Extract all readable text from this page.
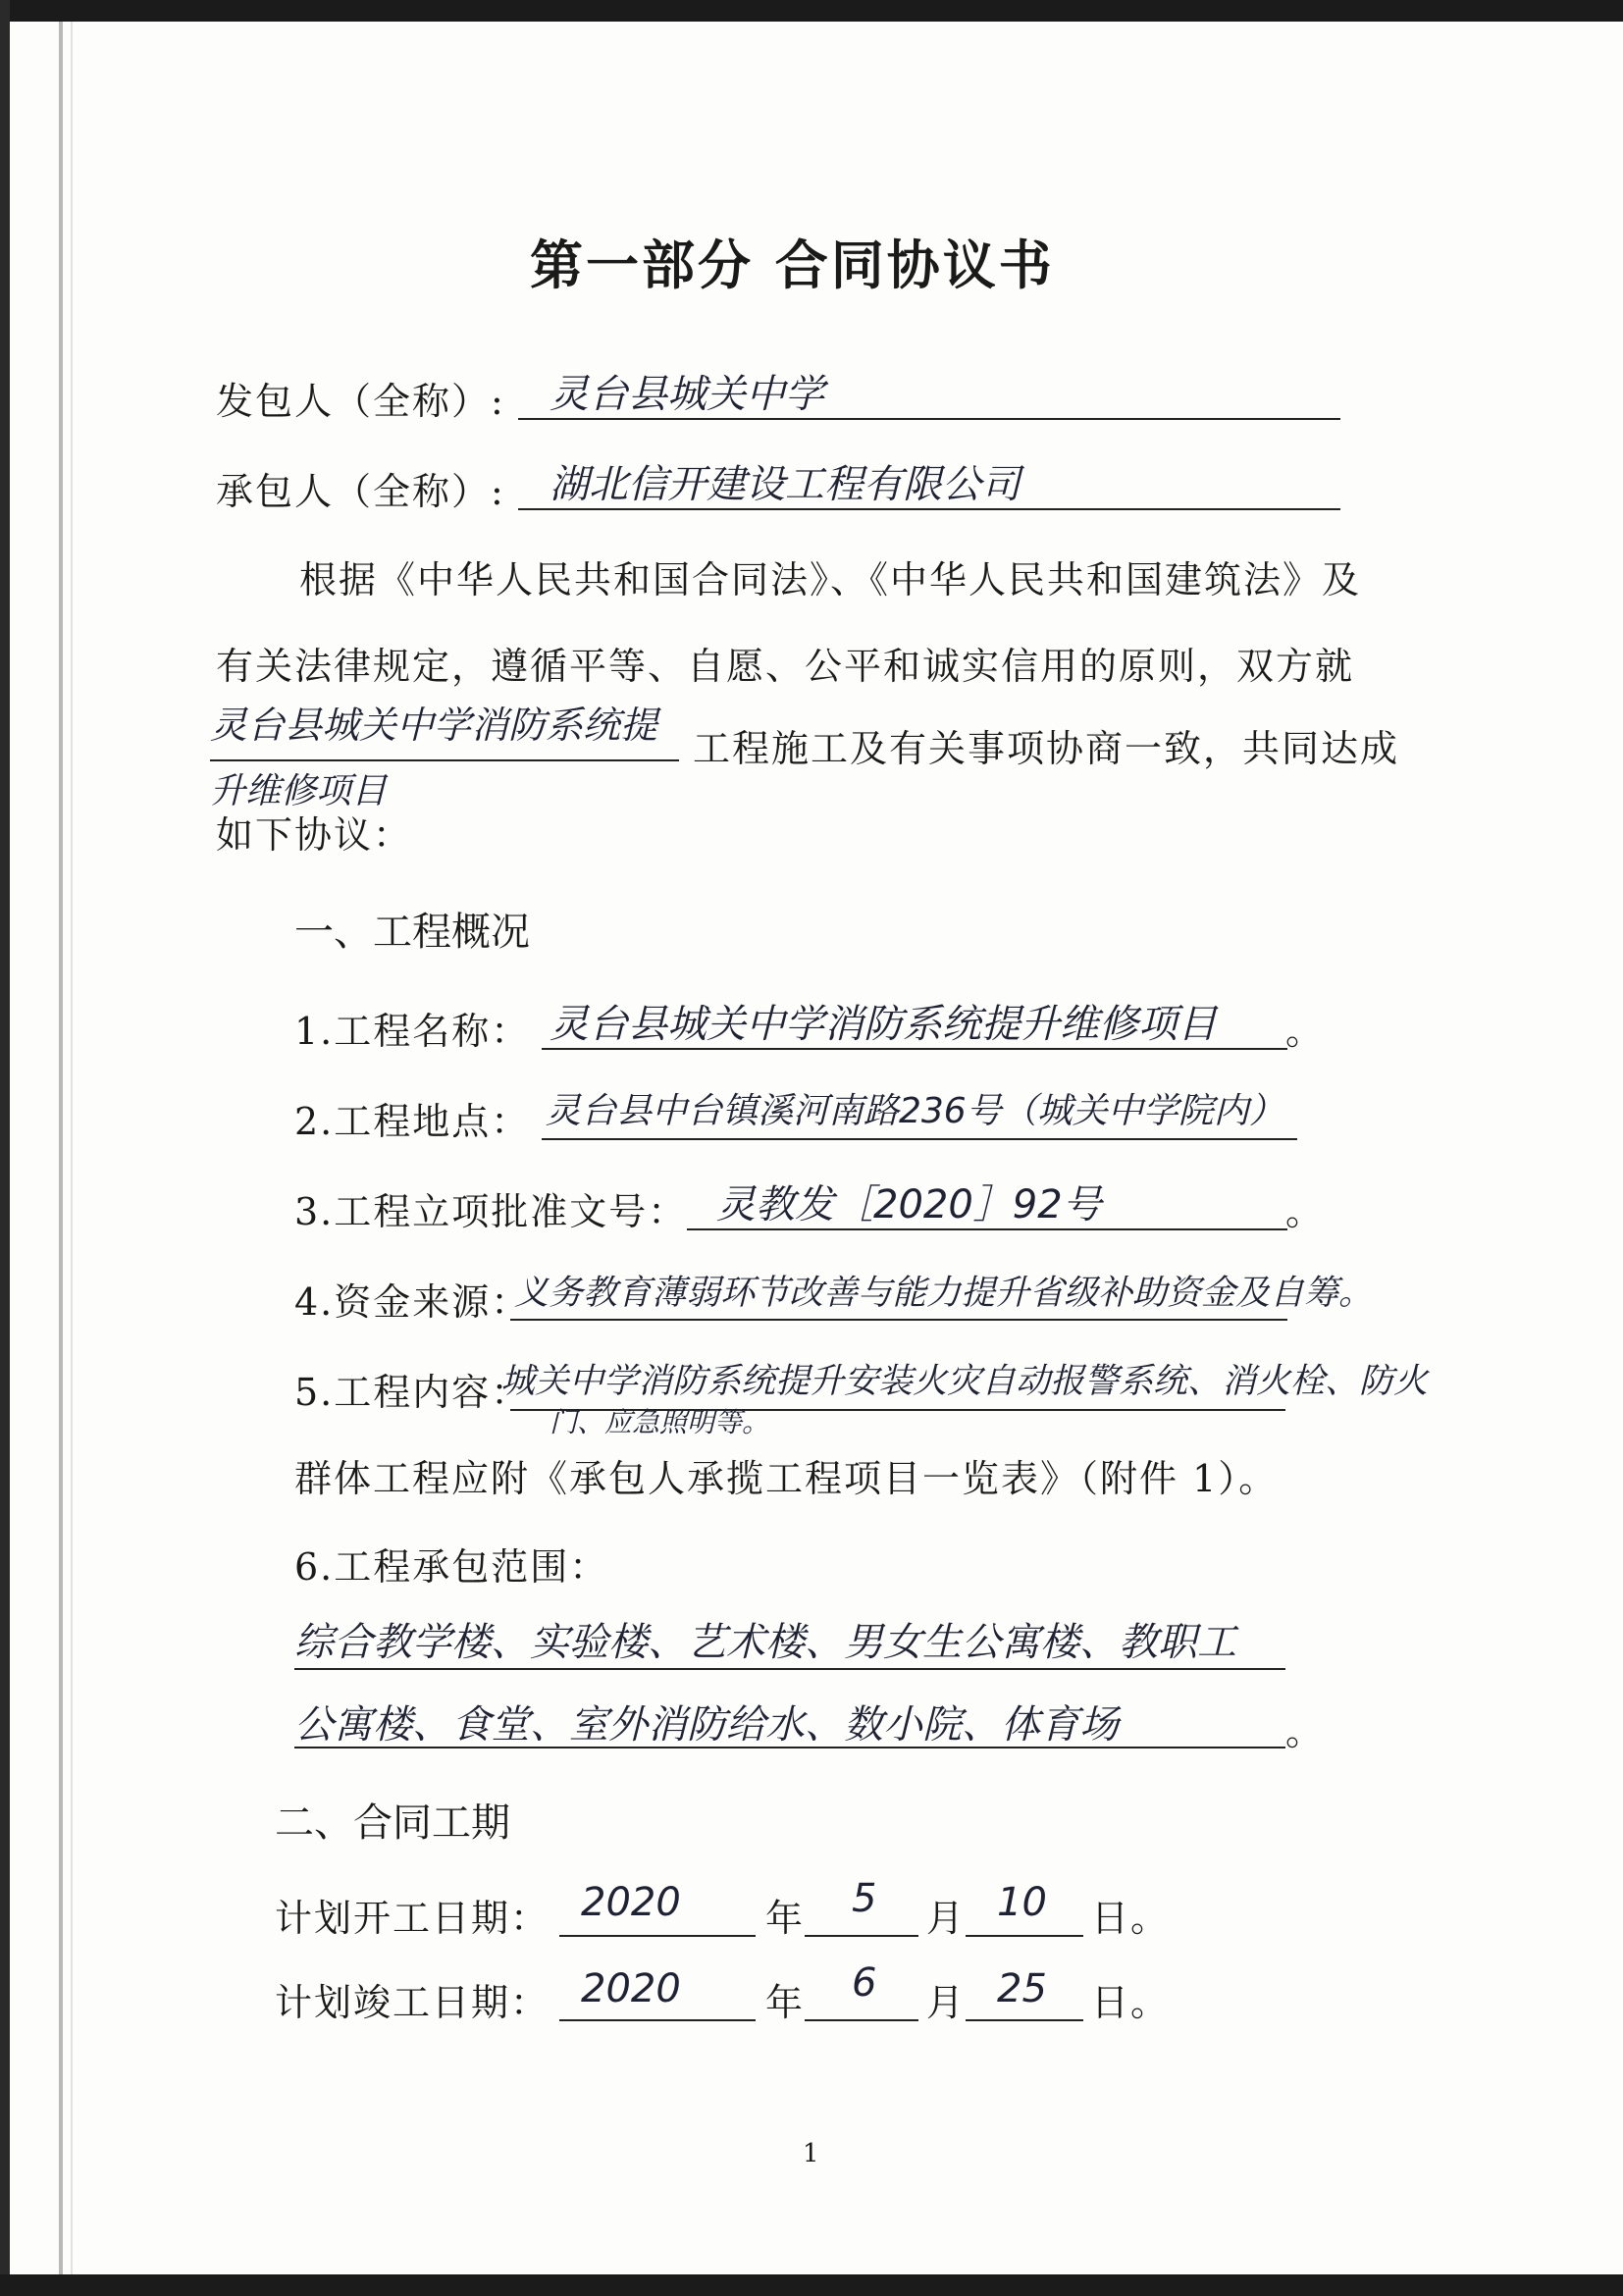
第一部分 合同协议书
发包人（全称）: 灵台县城关中学
承包人（全称）: 湖北信开建设工程有限公司
根据《中华人民共和国合同法》、《中华人民共和国建筑法》及
有关法律规定，遵循平等、自愿、公平和诚实信用的原则，双方就
灵台县城关中学消防系统提
工程施工及有关事项协商一致，共同达成
升维修项目
如下协议：
一、工程概况
1.工程名称： 灵台县城关中学消防系统提升维修项目 。
2.工程地点： 灵台县中台镇溪河南路236号（城关中学院内）
3.工程立项批准文号： 灵教发［2020］92号	。
4.资金来源：
义务教育薄弱环节改善与能力提升省级补助资金及自筹。
5.工程内容：
城关中学消防系统提升安装火灾自动报警系统、消火栓、防火
门、应急照明等。
群体工程应附《承包人承揽工程项目一览表》（附件 1）。
6.工程承包范围：
综合教学楼、实验楼、艺术楼、男女生公寓楼、教职工
公寓楼、食堂、室外消防给水、数小院、体育场	。
二、合同工期
计划开工日期： 2020 年 5 月 10 日。
计划竣工日期： 2020 年 6 月 25 日。
1
